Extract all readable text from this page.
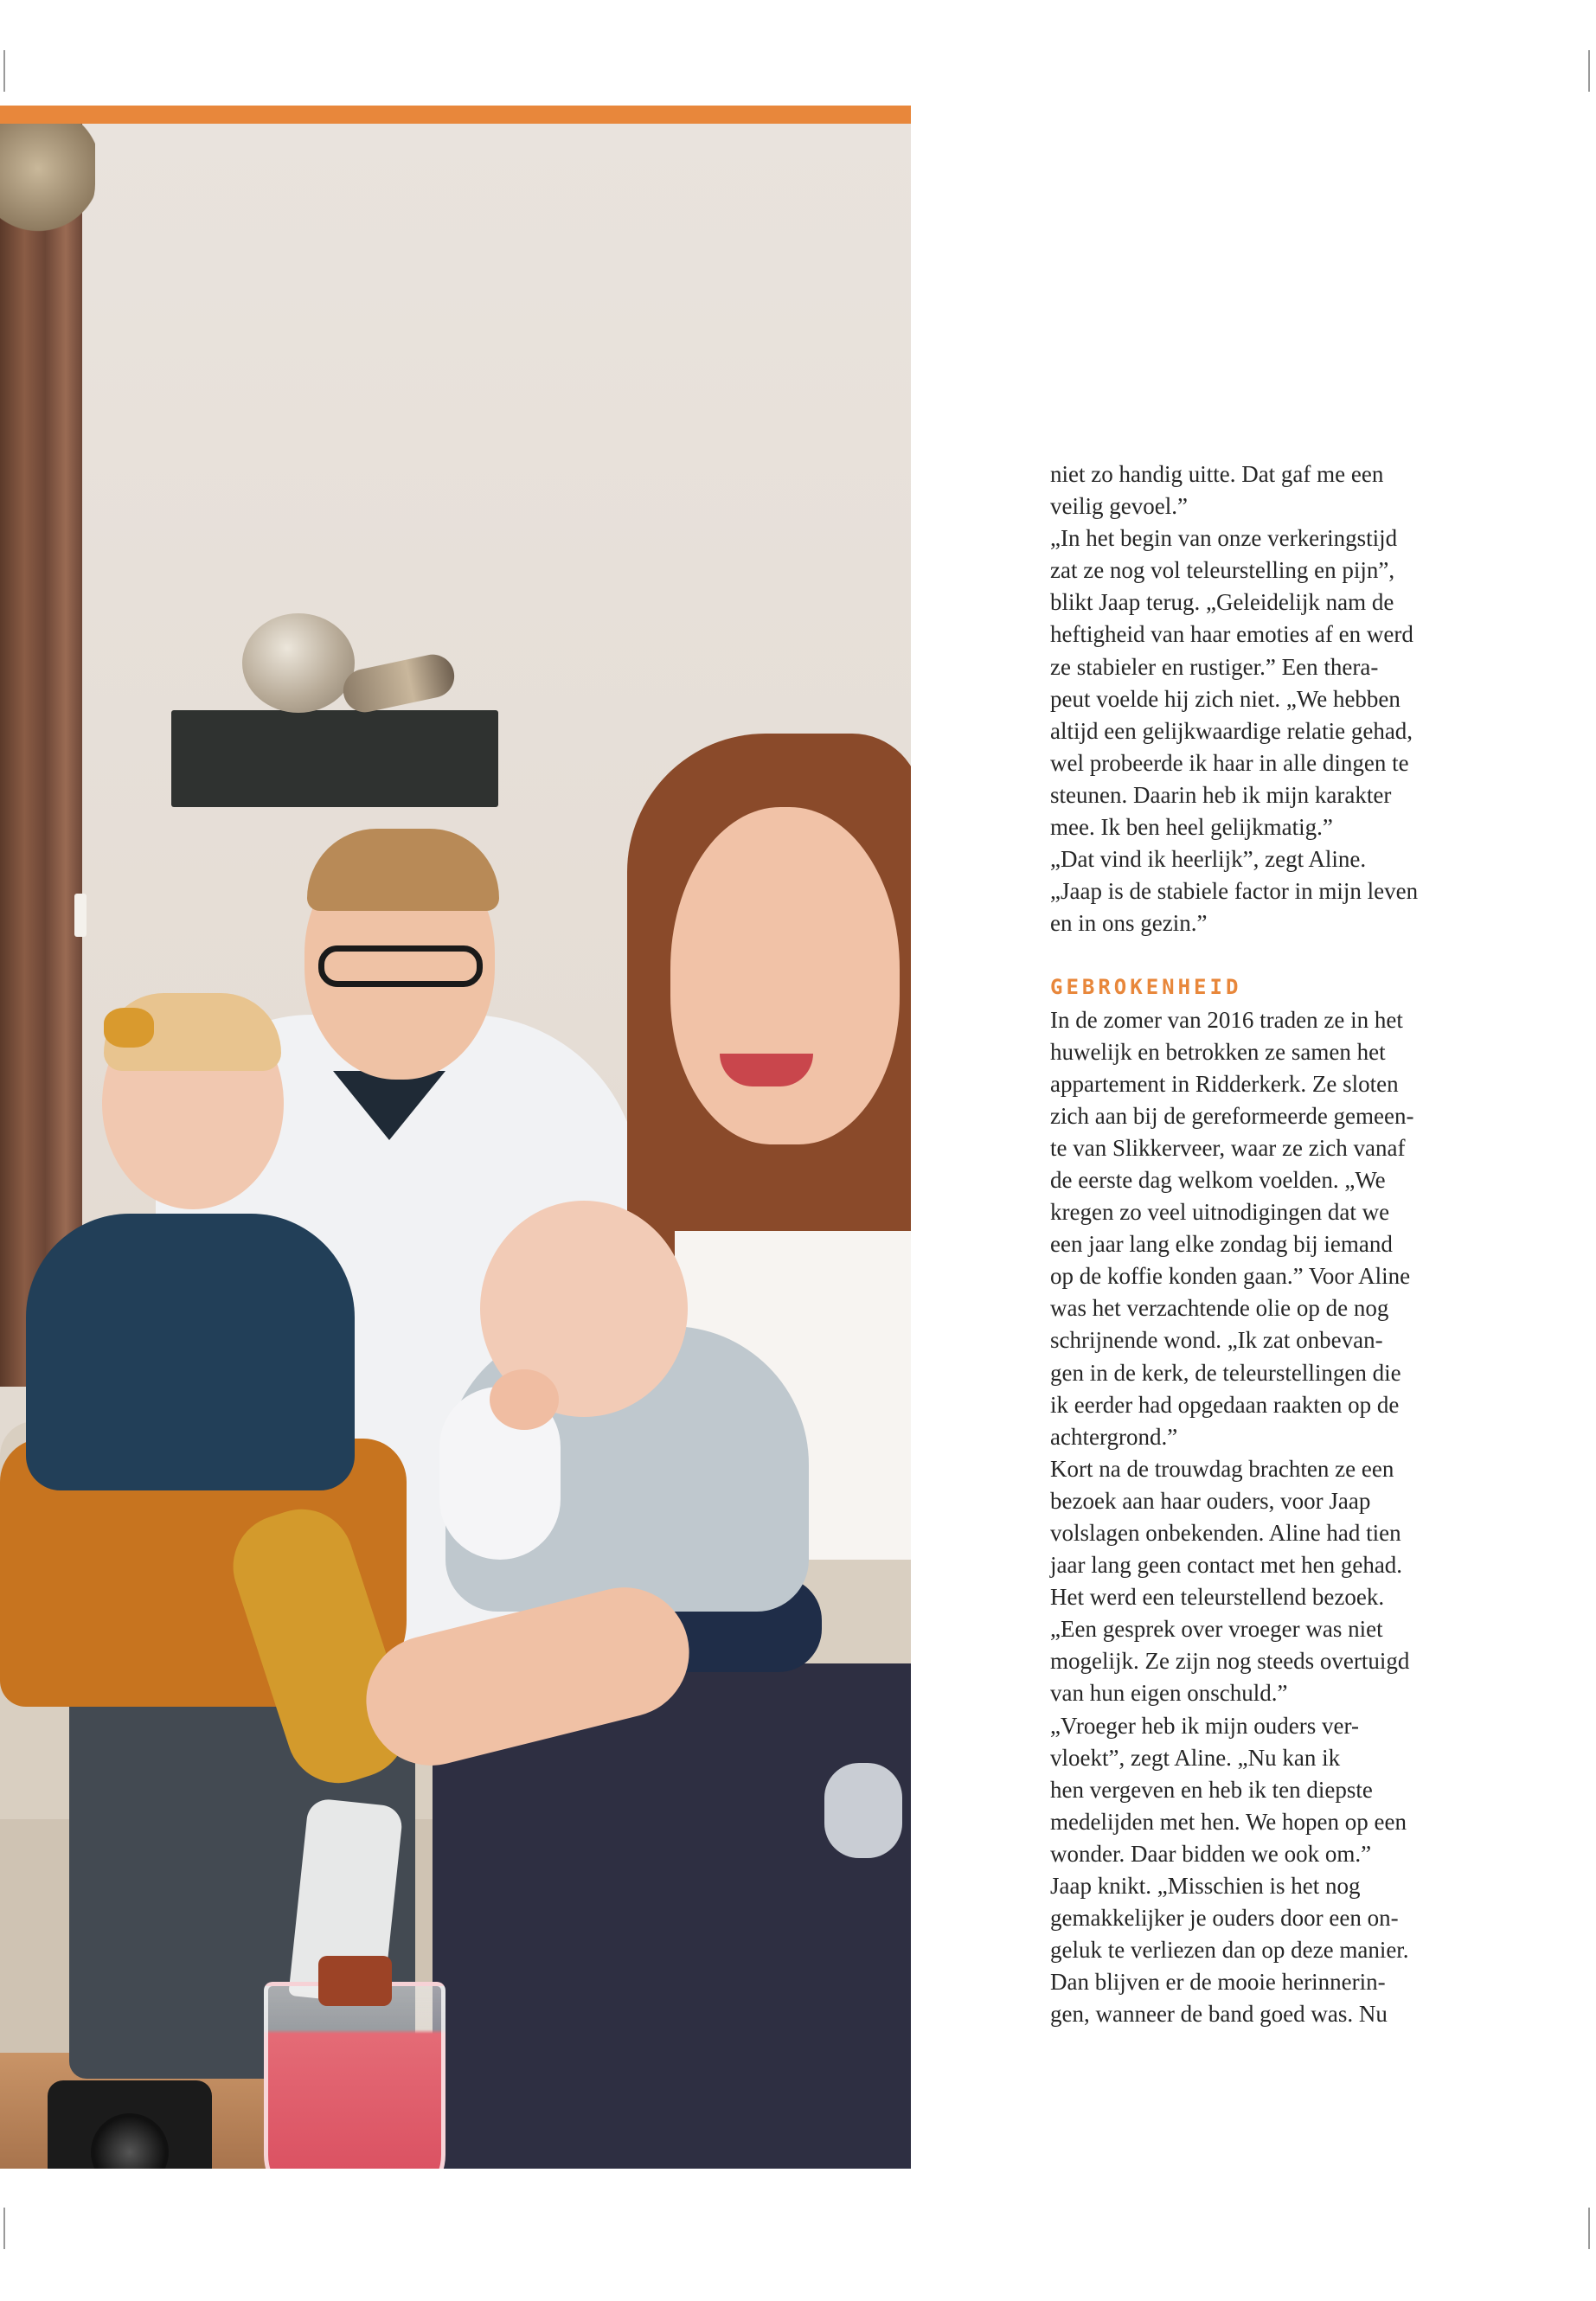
niet zo handig uitte. Dat gaf me een
veilig gevoel.”
„In het begin van onze verkeringstijd
zat ze nog vol teleurstelling en pijn”,
blikt Jaap terug. „Geleidelijk nam de
heftigheid van haar emoties af en werd
ze stabieler en rustiger.” Een thera-
peut voelde hij zich niet. „We hebben
altijd een gelijkwaardige relatie gehad,
wel probeerde ik haar in alle dingen te
steunen. Daarin heb ik mijn karakter
mee. Ik ben heel gelijkmatig.”
„Dat vind ik heerlijk”, zegt Aline.
„Jaap is de stabiele factor in mijn leven
en in ons gezin.”
GEBROKENHEID
In de zomer van 2016 traden ze in het
huwelijk en betrokken ze samen het
appartement in Ridderkerk. Ze sloten
zich aan bij de gereformeerde gemeen-
te van Slikkerveer, waar ze zich vanaf
de eerste dag welkom voelden. „We
kregen zo veel uitnodigingen dat we
een jaar lang elke zondag bij iemand
op de koffie konden gaan.” Voor Aline
was het verzachtende olie op de nog
schrijnende wond. „Ik zat onbevan-
gen in de kerk, de teleurstellingen die
ik eerder had opgedaan raakten op de
achtergrond.”
Kort na de trouwdag brachten ze een
bezoek aan haar ouders, voor Jaap
volslagen onbekenden. Aline had tien
jaar lang geen contact met hen gehad.
Het werd een teleurstellend bezoek.
„Een gesprek over vroeger was niet
mogelijk. Ze zijn nog steeds overtuigd
van hun eigen onschuld.”
„Vroeger heb ik mijn ouders ver-
vloekt”, zegt Aline. „Nu kan ik
hen vergeven en heb ik ten diepste
medelijden met hen. We hopen op een
wonder. Daar bidden we ook om.”
Jaap knikt. „Misschien is het nog
gemakkelijker je ouders door een on-
geluk te verliezen dan op deze manier.
Dan blijven er de mooie herinnerin-
gen, wanneer de band goed was. Nu
